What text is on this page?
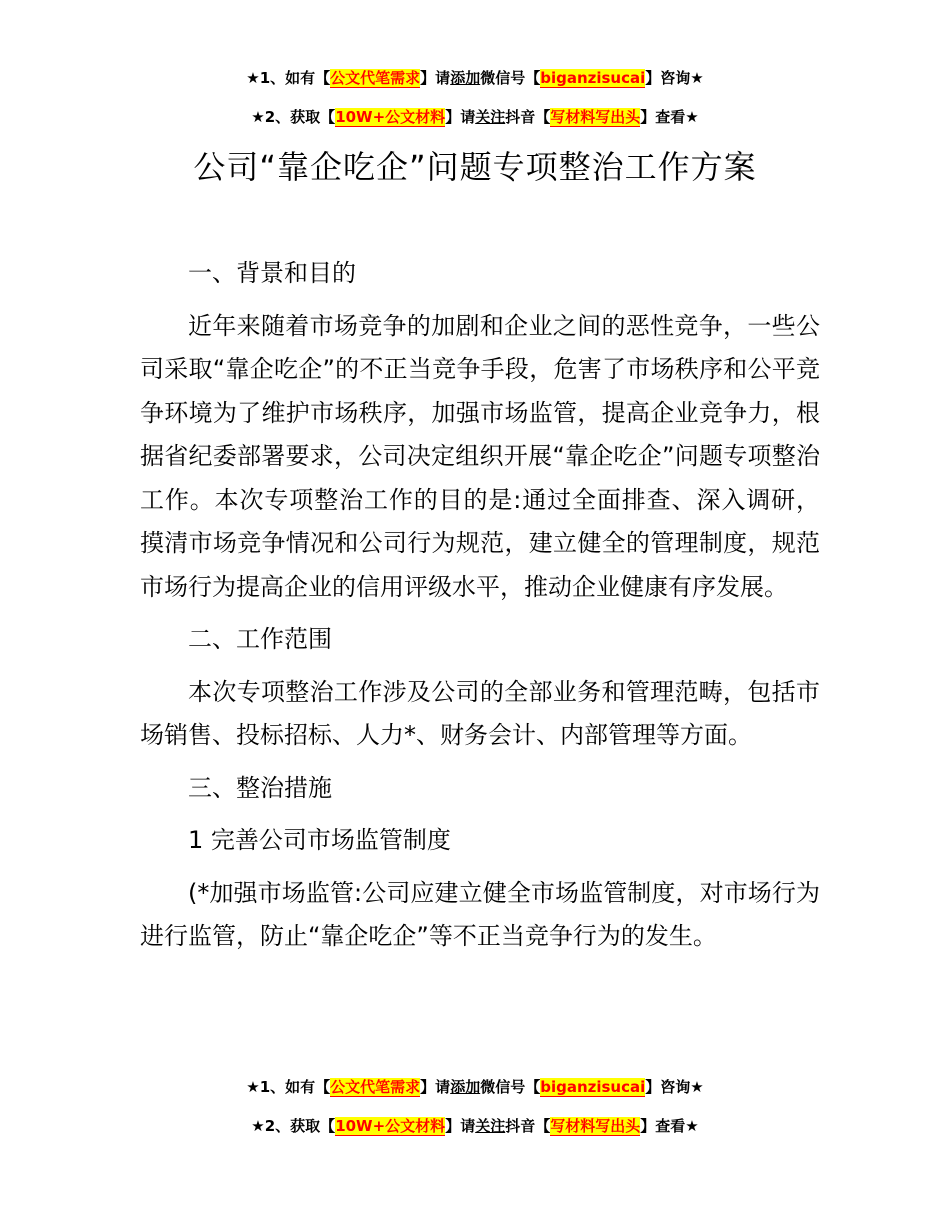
★1、如有【公文代笔需求】请添加微信号【biganzisucai】咨询★
★2、获取【10W+公文材料】请关注抖音【写材料写出头】查看★
公司“靠企吃企”问题专项整治工作方案

一、背景和目的

近年来随着市场竞争的加剧和企业之间的恶性竞争，一些公司采取“靠企吃企”的不正当竞争手段，危害了市场秩序和公平竞争环境为了维护市场秩序，加强市场监管，提高企业竞争力，根据省纪委部署要求，公司决定组织开展“靠企吃企”问题专项整治工作。本次专项整治工作的目的是:通过全面排查、深入调研，摸清市场竞争情况和公司行为规范，建立健全的管理制度，规范市场行为提高企业的信用评级水平，推动企业健康有序发展。

二、工作范围

本次专项整治工作涉及公司的全部业务和管理范畴，包括市场销售、投标招标、人力*、财务会计、内部管理等方面。

三、整治措施

1 完善公司市场监管制度

(*加强市场监管:公司应建立健全市场监管制度，对市场行为进行监管，防止“靠企吃企”等不正当竞争行为的发生。

★1、如有【公文代笔需求】请添加微信号【biganzisucai】咨询★
★2、获取【10W+公文材料】请关注抖音【写材料写出头】查看★
